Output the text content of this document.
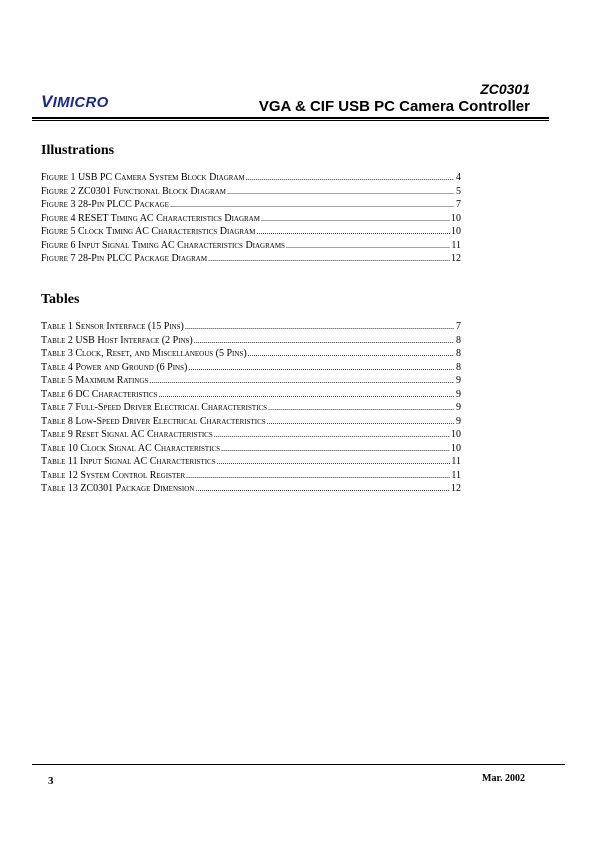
VIMICRO
ZC0301
VGA & CIF USB PC Camera Controller
Illustrations
Figure 1 USB PC Camera System Block Diagram .....	4
Figure 2 ZC0301 Functional Block Diagram .....	5
Figure 3 28-Pin PLCC Package .....	7
Figure 4 RESET Timing AC Characteristics Diagram .....	10
Figure 5 Clock Timing AC Characteristics Diagram .....	10
Figure 6 Input Signal Timing AC Characteristics Diagrams .....	11
Figure 7 28-Pin PLCC Package Diagram .....	12
Tables
Table 1 Sensor Interface (15 Pins) .....	7
Table 2 USB Host Interface (2 Pins) .....	8
Table 3 Clock, Reset, and Miscellaneous (5 Pins) .....	8
Table 4 Power and Ground (6 Pins) .....	8
Table 5 Maximum Ratings .....	9
Table 6 DC Characteristics .....	9
Table 7 Full-Speed Driver Electrical Characteristics .....	9
Table 8 Low-Speed Driver Electrical Characteristics .....	9
Table 9 Reset Signal AC Characteristics .....	10
Table 10 Clock Signal AC Characteristics .....	10
Table 11 Input Signal AC Characteristics .....	11
Table 12 System Control Register .....	11
Table 13 ZC0301 Package Dimension .....	12
3	Mar. 2002
